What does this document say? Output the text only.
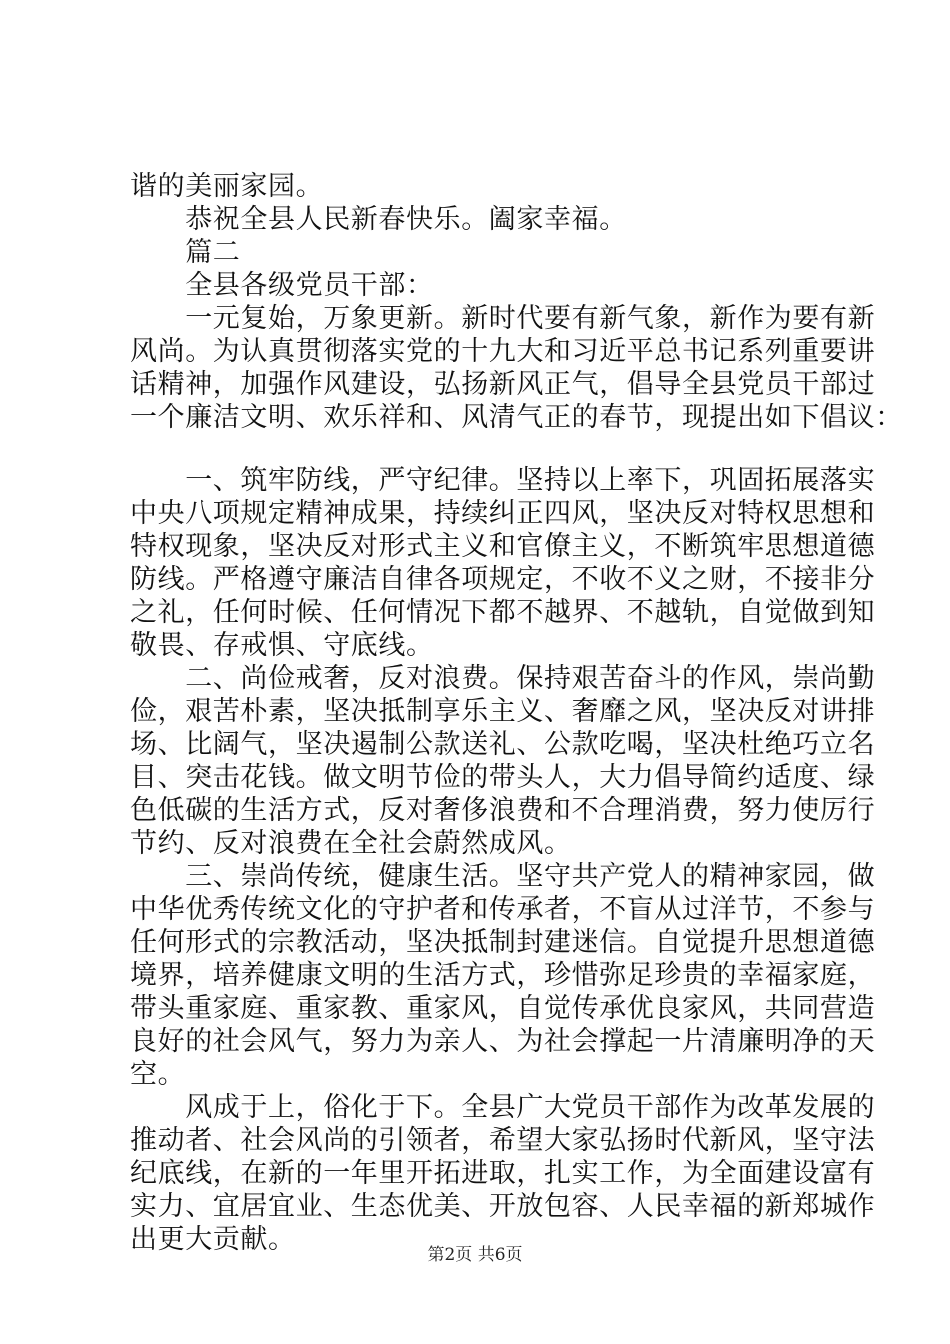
谐的美丽家园。

　　恭祝全县人民新春快乐。阖家幸福。

　　篇二

　　全县各级党员干部：

　　一元复始，万象更新。新时代要有新气象，新作为要有新

风尚。为认真贯彻落实党的十九大和习近平总书记系列重要讲

话精神，加强作风建设，弘扬新风正气，倡导全县党员干部过

一个廉洁文明、欢乐祥和、风清气正的春节，现提出如下倡议：

　　一、筑牢防线，严守纪律。坚持以上率下，巩固拓展落实

中央八项规定精神成果，持续纠正四风，坚决反对特权思想和

特权现象，坚决反对形式主义和官僚主义，不断筑牢思想道德

防线。严格遵守廉洁自律各项规定，不收不义之财，不接非分

之礼，任何时候、任何情况下都不越界、不越轨，自觉做到知

敬畏、存戒惧、守底线。

　　二、尚俭戒奢，反对浪费。保持艰苦奋斗的作风，崇尚勤

俭，艰苦朴素，坚决抵制享乐主义、奢靡之风，坚决反对讲排

场、比阔气，坚决遏制公款送礼、公款吃喝，坚决杜绝巧立名

目、突击花钱。做文明节俭的带头人，大力倡导简约适度、绿

色低碳的生活方式，反对奢侈浪费和不合理消费，努力使厉行

节约、反对浪费在全社会蔚然成风。

　　三、崇尚传统，健康生活。坚守共产党人的精神家园，做

中华优秀传统文化的守护者和传承者，不盲从过洋节，不参与

任何形式的宗教活动，坚决抵制封建迷信。自觉提升思想道德

境界，培养健康文明的生活方式，珍惜弥足珍贵的幸福家庭，

带头重家庭、重家教、重家风，自觉传承优良家风，共同营造

良好的社会风气，努力为亲人、为社会撑起一片清廉明净的天

空。

　　风成于上，俗化于下。全县广大党员干部作为改革发展的

推动者、社会风尚的引领者，希望大家弘扬时代新风，坚守法

纪底线，在新的一年里开拓进取，扎实工作，为全面建设富有

实力、宜居宜业、生态优美、开放包容、人民幸福的新郑城作

出更大贡献。	第2页 共6页
